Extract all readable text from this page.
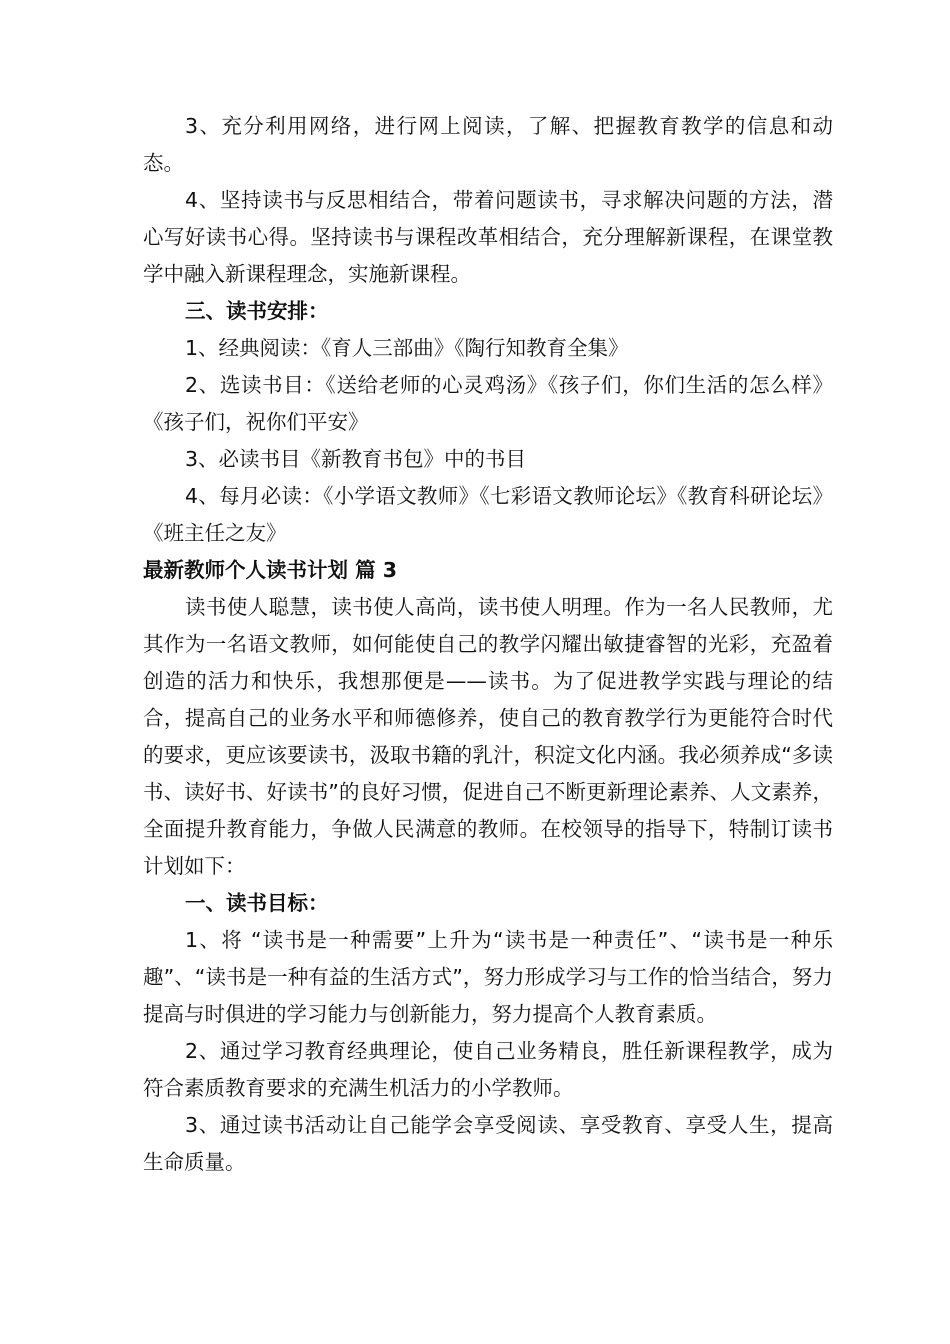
3、充分利用网络，进行网上阅读，了解、把握教育教学的信息和动态。

4、坚持读书与反思相结合，带着问题读书，寻求解决问题的方法，潜心写好读书心得。坚持读书与课程改革相结合，充分理解新课程，在课堂教学中融入新课程理念，实施新课程。

三、读书安排：

1、经典阅读：《育人三部曲》《陶行知教育全集》

2、选读书目：《送给老师的心灵鸡汤》《孩子们，你们生活的怎么样》《孩子们，祝你们平安》

3、必读书目《新教育书包》中的书目

4、每月必读：《小学语文教师》《七彩语文教师论坛》《教育科研论坛》《班主任之友》

最新教师个人读书计划 篇 3

读书使人聪慧，读书使人高尚，读书使人明理。作为一名人民教师，尤其作为一名语文教师，如何能使自己的教学闪耀出敏捷睿智的光彩，充盈着创造的活力和快乐，我想那便是——读书。为了促进教学实践与理论的结合，提高自己的业务水平和师德修养，使自己的教育教学行为更能符合时代的要求，更应该要读书，汲取书籍的乳汁，积淀文化内涵。我必须养成“多读书、读好书、好读书”的良好习惯，促进自己不断更新理论素养、人文素养，全面提升教育能力，争做人民满意的教师。在校领导的指导下，特制订读书计划如下：

一、读书目标：

1、将 “读书是一种需要”上升为“读书是一种责任”、“读书是一种乐趣”、“读书是一种有益的生活方式”，努力形成学习与工作的恰当结合，努力提高与时俱进的学习能力与创新能力，努力提高个人教育素质。

2、通过学习教育经典理论，使自己业务精良，胜任新课程教学，成为符合素质教育要求的充满生机活力的小学教师。

3、通过读书活动让自己能学会享受阅读、享受教育、享受人生，提高生命质量。
